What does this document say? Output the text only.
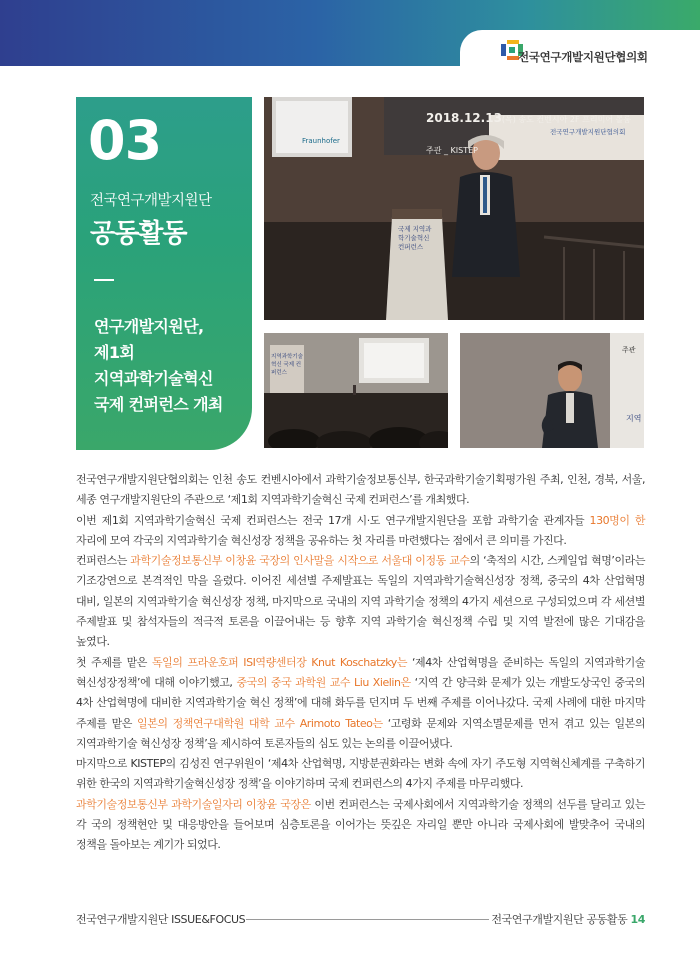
전국연구개발지원단협의회
03
전국연구개발지원단
공동활동
연구개발지원단,
제1회
지역과학기술혁신
국제 컨퍼런스 개최
2018.12.13(목) 송도 컨벤시아 2F 프리미어 볼룸
주관 _ KISTEP
전국연구개발지원단협의회
Fraunhofer
국제 지역과학기술혁신 컨퍼런스
지역과학기술혁신 국제 컨퍼런스
주관
지역

전국연구개발지원단협의회는 인천 송도 컨벤시아에서 과학기술정보통신부, 한국과학기술기획평가원 주최, 인천, 경북, 서울, 세종 연구개발지원단의 주관으로 ‘제1회 지역과학기술혁신 국제 컨퍼런스’를 개최했다.

이번 제1회 지역과학기술혁신 국제 컨퍼런스는 전국 17개 시·도 연구개발지원단을 포함 과학기술 관계자들 130명이 한 자리에 모여 각국의 지역과학기술 혁신성장 정책을 공유하는 첫 자리를 마련했다는 점에서 큰 의미를 가진다.

컨퍼런스는 과학기술정보통신부 이창윤 국장의 인사말을 시작으로 서울대 이정동 교수의 ‘축적의 시간, 스케일업 혁명’이라는 기조강연으로 본격적인 막을 올렸다. 이어진 세션별 주제발표는 독일의 지역과학기술혁신성장 정책, 중국의 4차 산업혁명 대비, 일본의 지역과학기술 혁신성장 정책, 마지막으로 국내의 지역 과학기술 정책의 4가지 세션으로 구성되었으며 각 세션별 주제발표 및 참석자들의 적극적 토론을 이끌어내는 등 향후 지역 과학기술 혁신정책 수립 및 지역 발전에 많은 기대감을 높였다.

첫 주제를 맡은 독일의 프라운호퍼 ISI역량센터장 Knut Koschatzky는 ‘제4차 산업혁명을 준비하는 독일의 지역과학기술 혁신성장정책’에 대해 이야기했고, 중국의 중국 과학원 교수 Liu Xielin은 ‘지역 간 양극화 문제가 있는 개발도상국인 중국의 4차 산업혁명에 대비한 지역과학기술 혁신 정책’에 대해 화두를 던지며 두 번째 주제를 이어나갔다. 국제 사례에 대한 마지막 주제를 맡은 일본의 정책연구대학원 대학 교수 Arimoto Tateo는 ‘고령화 문제와 지역소멸문제를 먼저 겪고 있는 일본의 지역과학기술 혁신성장 정책’을 제시하여 토론자들의 심도 있는 논의를 이끌어냈다.

마지막으로 KISTEP의 김성진 연구위원이 ‘제4차 산업혁명, 지방분권화라는 변화 속에 자기 주도형 지역혁신체계를 구축하기 위한 한국의 지역과학기술혁신성장 정책’을 이야기하며 국제 컨퍼런스의 4가지 주제를 마무리했다.

과학기술정보통신부 과학기술일자리 이창윤 국장은 이번 컨퍼런스는 국제사회에서 지역과학기술 정책의 선두를 달리고 있는 각 국의 정책현안 및 대응방안을 들어보며 심층토론을 이어가는 뜻깊은 자리일 뿐만 아니라 국제사회에 발맞추어 국내의 정책을 돌아보는 계기가 되었다.

전국연구개발지원단 ISSUE&FOCUS	전국연구개발지원단 공동활동 14
